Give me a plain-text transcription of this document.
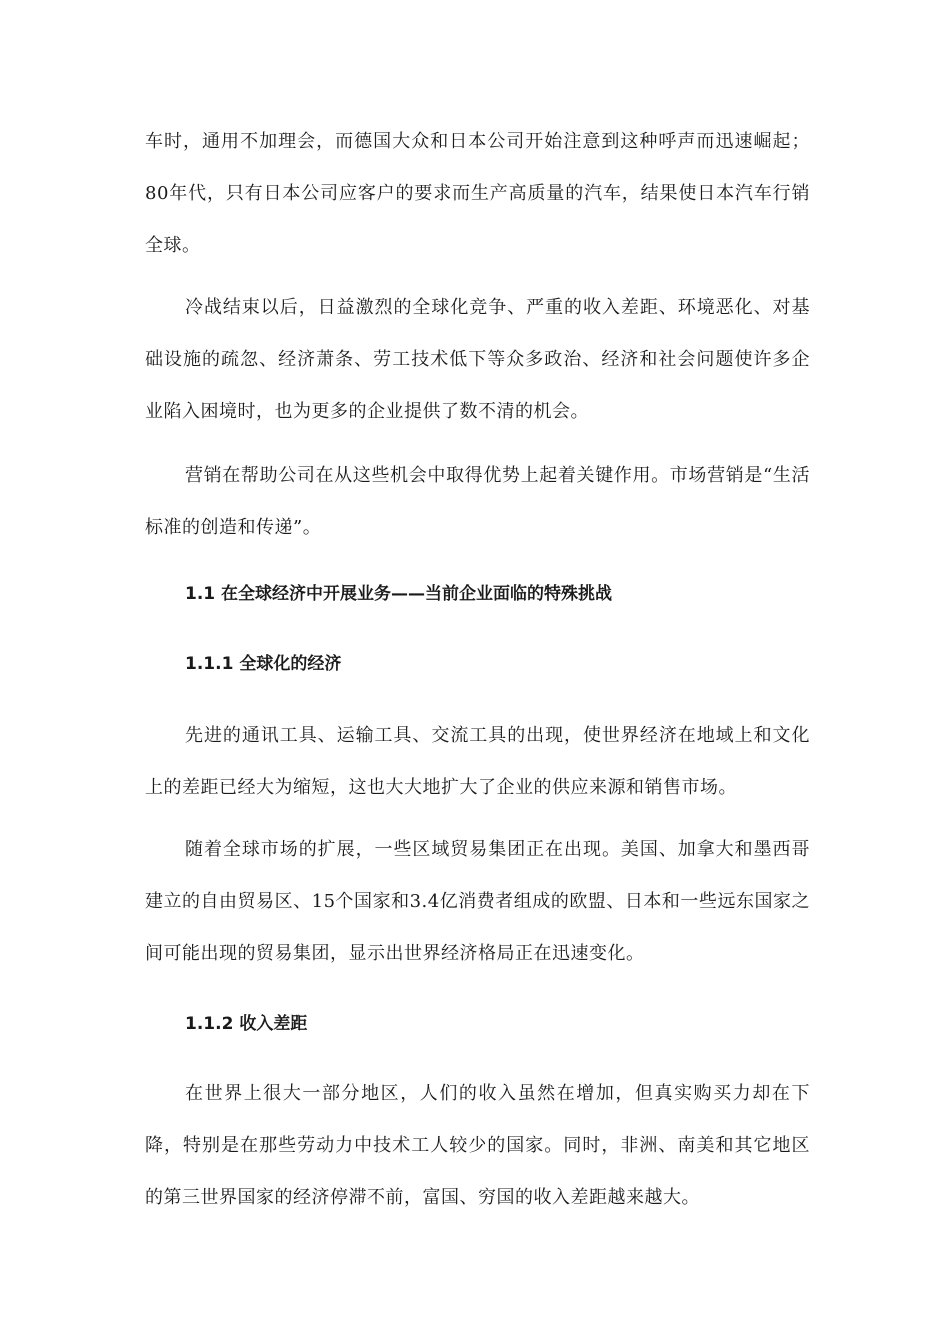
车时，通用不加理会，而德国大众和日本公司开始注意到这种呼声而迅速崛起；80年代，只有日本公司应客户的要求而生产高质量的汽车，结果使日本汽车行销全球。

冷战结束以后，日益激烈的全球化竞争、严重的收入差距、环境恶化、对基础设施的疏忽、经济萧条、劳工技术低下等众多政治、经济和社会问题使许多企业陷入困境时，也为更多的企业提供了数不清的机会。

营销在帮助公司在从这些机会中取得优势上起着关键作用。市场营销是“生活标准的创造和传递”。

1.1 在全球经济中开展业务——当前企业面临的特殊挑战
1.1.1 全球化的经济

先进的通讯工具、运输工具、交流工具的出现，使世界经济在地域上和文化上的差距已经大为缩短，这也大大地扩大了企业的供应来源和销售市场。

随着全球市场的扩展，一些区域贸易集团正在出现。美国、加拿大和墨西哥建立的自由贸易区、15个国家和3.4亿消费者组成的欧盟、日本和一些远东国家之间可能出现的贸易集团，显示出世界经济格局正在迅速变化。

1.1.2 收入差距

在世界上很大一部分地区，人们的收入虽然在增加，但真实购买力却在下降，特别是在那些劳动力中技术工人较少的国家。同时，非洲、南美和其它地区的第三世界国家的经济停滞不前，富国、穷国的收入差距越来越大。
